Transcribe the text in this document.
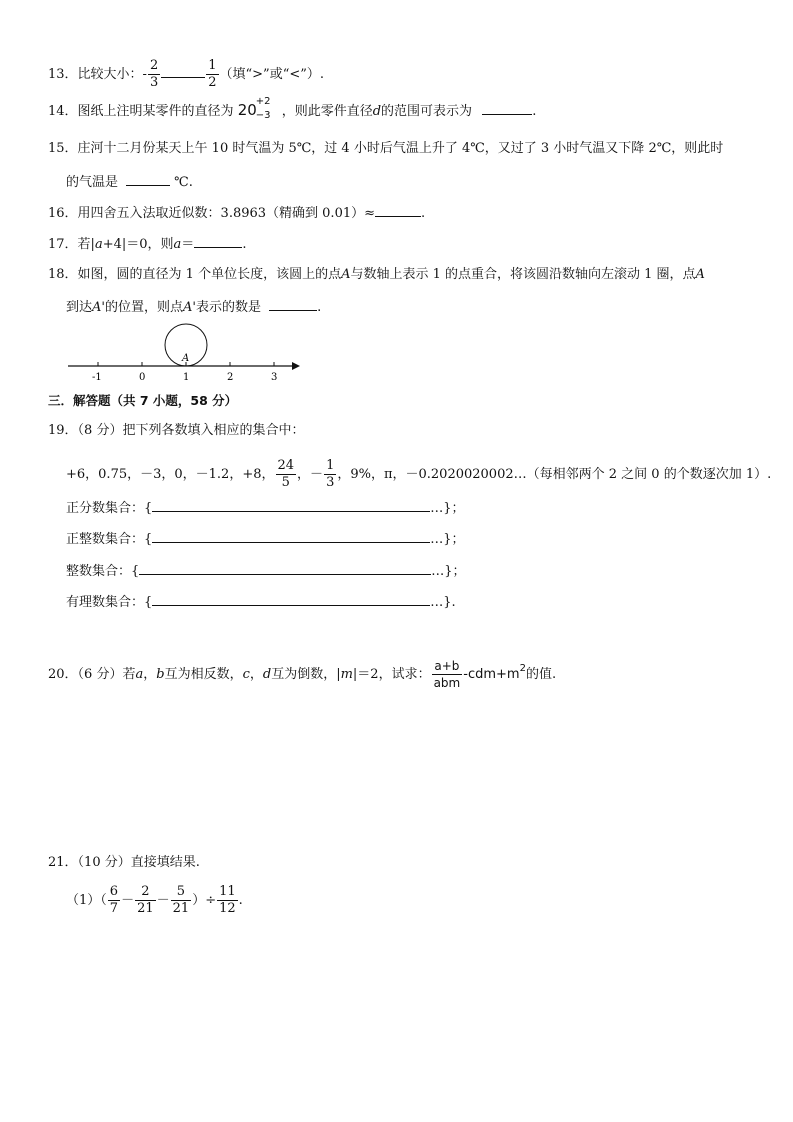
13．比较大小：- $\frac{2}{3}$	$\frac{1}{2}$ （填“>”或“<”）.
14．图纸上注明某零件的直径为 20
+2
−3 ，则此零件直径d的范围可表示为	.
15．庄河十二月份某天上午 10 时气温为 5℃，过 4 小时后气温上升了 4℃，又过了 3 小时气温又下降 2℃，则此时
的气温是	℃.
16．用四舍五入法取近似数：3.8963（精确到 0.01）≈	.
17．若|a+4|＝0，则a＝	.
18．如图，圆的直径为 1 个单位长度，该圆上的点A与数轴上表示 1 的点重合，将该圆沿数轴向左滚动 1 圈，点A
到达A'的位置，则点A'表示的数是	.
A
-1	0	1	2	3
三．解答题（共 7 小题，58 分）
19．（8 分）把下列各数填入相应的集合中：
+6，0.75，－3，0，－1.2，+8， $\frac{24}{5}$ ，－ $\frac{1}{3}$ ，9%，π，－0.2020020002…（每相邻两个 2 之间 0 的个数逐次加 1）.
正分数集合：{	…}；
正整数集合：{	…}；
整数集合：{	…}；
有理数集合：{	…}.
20．（6 分）若a，b互为相反数，c，d互为倒数，|m|＝2，试求： $\frac{a+b}{\text{abm}} -cdm+m^2$的值.
21．（10 分）直接填结果.
$(1)( \frac{6}{7} - \frac{2}{21} - \frac{5}{21}$ ）÷ $\frac{11}{12}$ .
